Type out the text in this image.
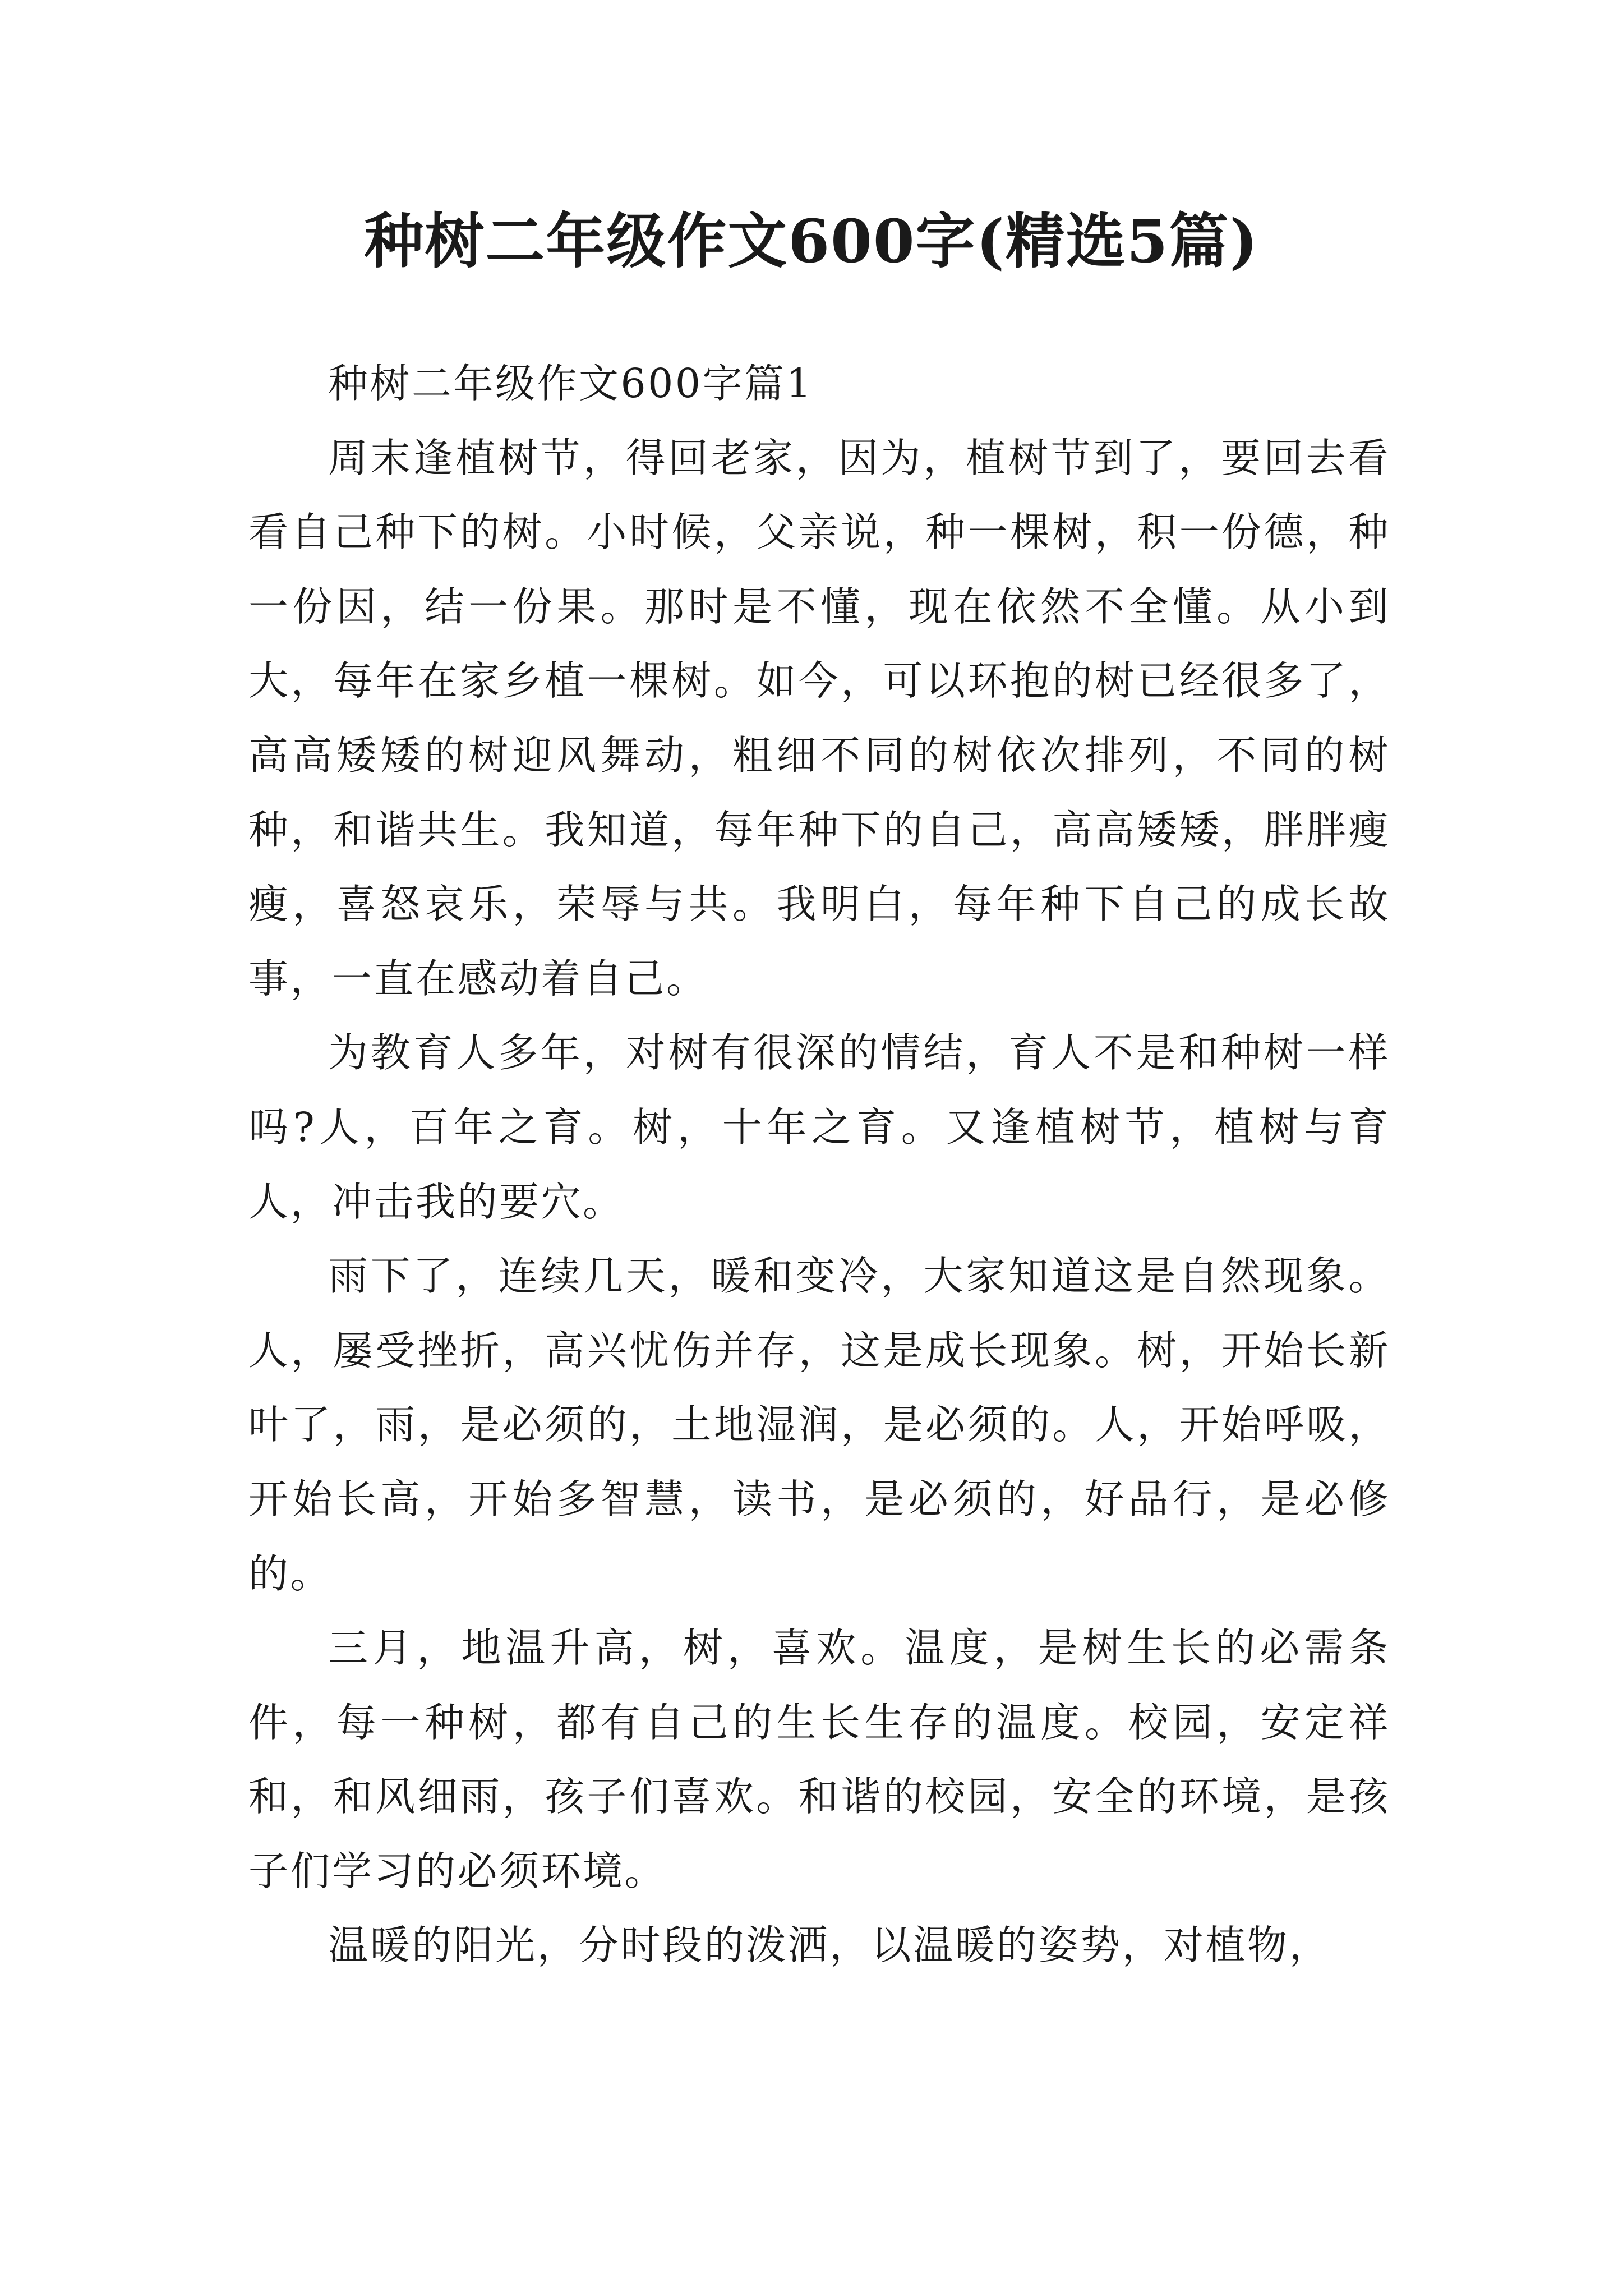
种树二年级作文600字(精选5篇)

种树二年级作文600字篇1

周末逢植树节，得回老家，因为，植树节到了，要回去看看自己种下的树。小时候，父亲说，种一棵树，积一份德，种一份因，结一份果。那时是不懂，现在依然不全懂。从小到大，每年在家乡植一棵树。如今，可以环抱的树已经很多了，高高矮矮的树迎风舞动，粗细不同的树依次排列，不同的树种，和谐共生。我知道，每年种下的自己，高高矮矮，胖胖瘦瘦，喜怒哀乐，荣辱与共。我明白，每年种下自己的成长故事，一直在感动着自己。

为教育人多年，对树有很深的情结，育人不是和种树一样吗?人，百年之育。树，十年之育。又逢植树节，植树与育人，冲击我的要穴。

雨下了，连续几天，暖和变冷，大家知道这是自然现象。人，屡受挫折，高兴忧伤并存，这是成长现象。树，开始长新叶了，雨，是必须的，土地湿润，是必须的。人，开始呼吸，开始长高，开始多智慧，读书，是必须的，好品行，是必修的。

三月，地温升高，树，喜欢。温度，是树生长的必需条件，每一种树，都有自己的生长生存的温度。校园，安定祥和，和风细雨，孩子们喜欢。和谐的校园，安全的环境，是孩子们学习的必须环境。

温暖的阳光，分时段的泼洒，以温暖的姿势，对植物，
